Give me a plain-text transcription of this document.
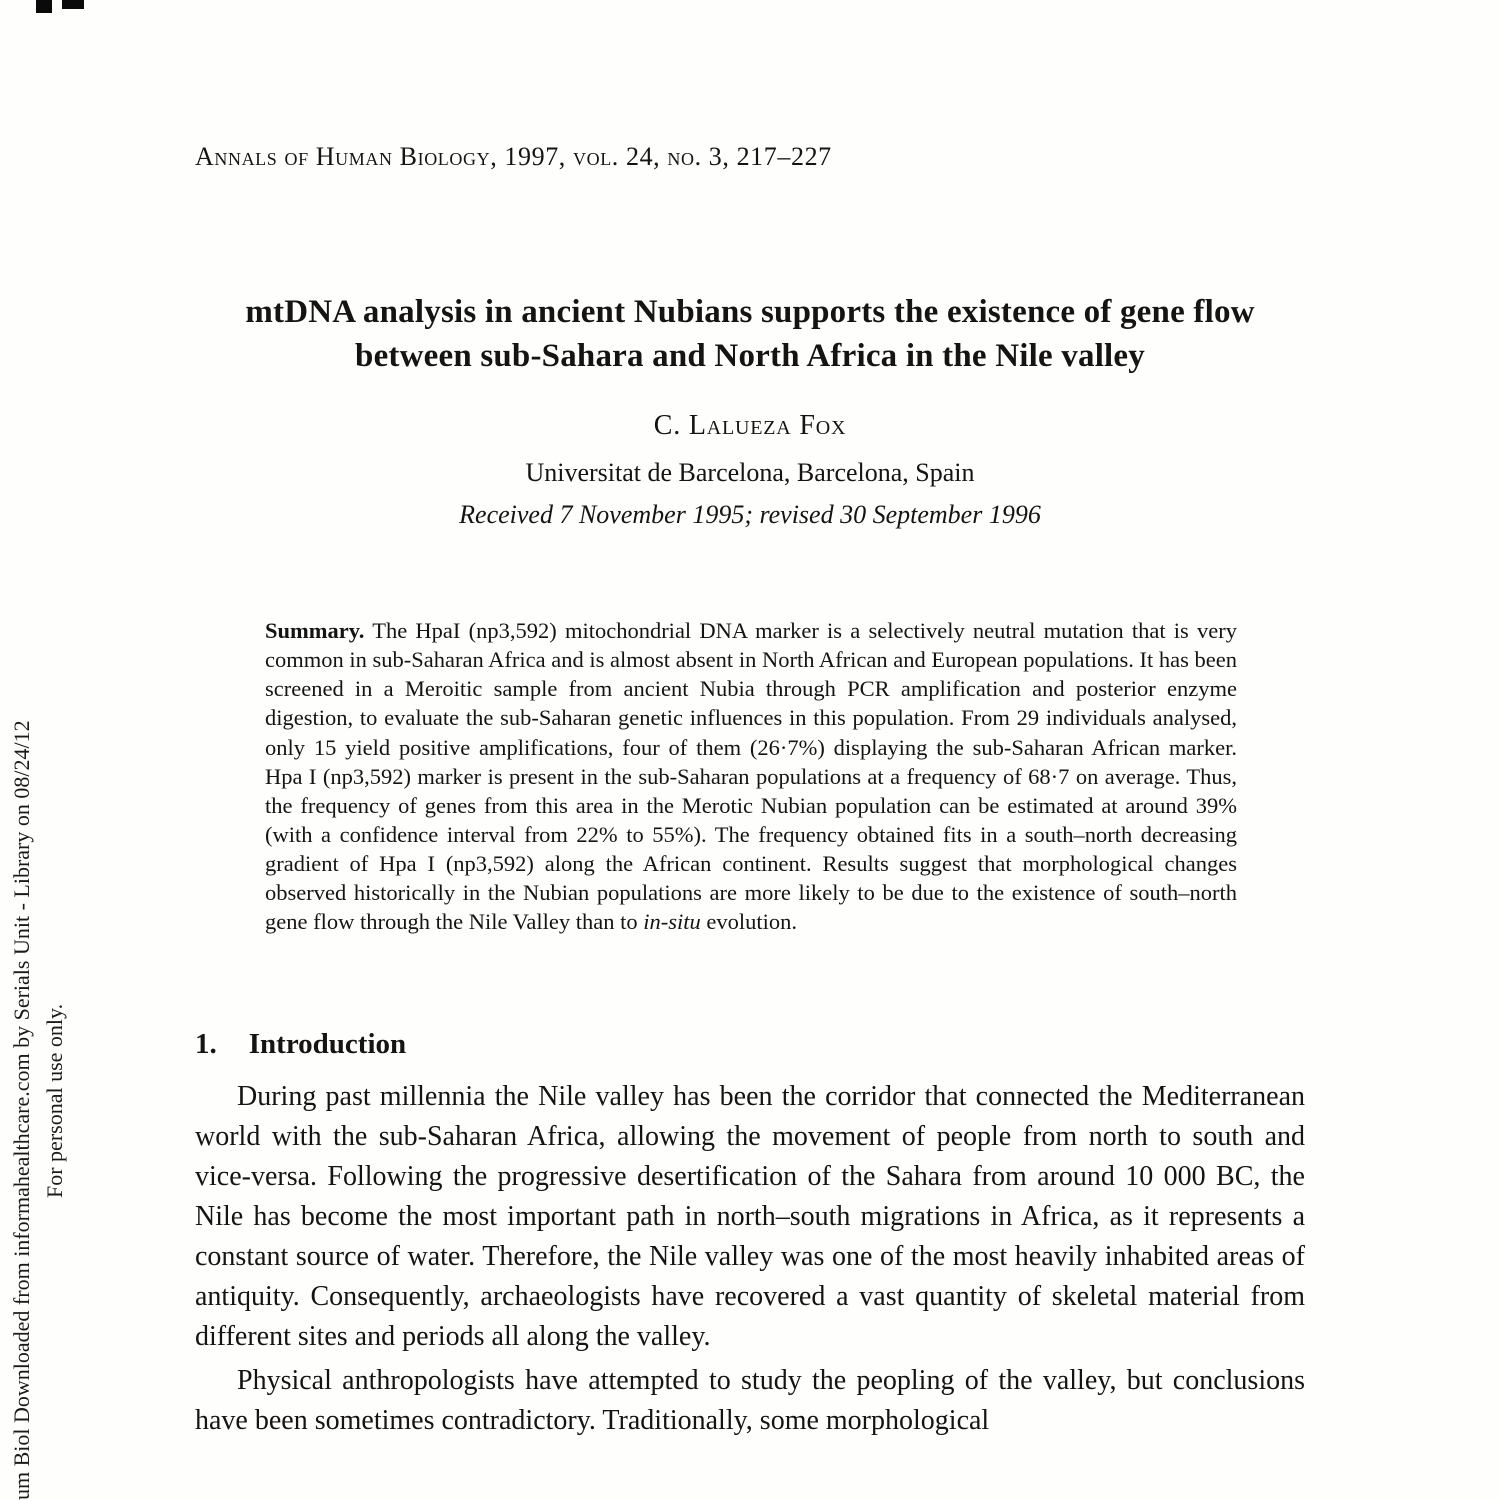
um Biol Downloaded from informahealthcare.com by Serials Unit - Library on 08/24/12 For personal use only.
Annals of Human Biology, 1997, vol. 24, no. 3, 217–227
mtDNA analysis in ancient Nubians supports the existence of gene flow between sub-Sahara and North Africa in the Nile valley
C. Lalueza Fox
Universitat de Barcelona, Barcelona, Spain
Received 7 November 1995; revised 30 September 1996

Summary. The HpaI (np3,592) mitochondrial DNA marker is a selectively neutral mutation that is very common in sub-Saharan Africa and is almost absent in North African and European populations. It has been screened in a Meroitic sample from ancient Nubia through PCR amplification and posterior enzyme digestion, to evaluate the sub-Saharan genetic influences in this population. From 29 individuals analysed, only 15 yield positive amplifications, four of them (26·7%) displaying the sub-Saharan African marker. Hpa I (np3,592) marker is present in the sub-Saharan populations at a frequency of 68·7 on average. Thus, the frequency of genes from this area in the Merotic Nubian population can be estimated at around 39% (with a confidence interval from 22% to 55%). The frequency obtained fits in a south–north decreasing gradient of Hpa I (np3,592) along the African continent. Results suggest that morphological changes observed historically in the Nubian populations are more likely to be due to the existence of south–north gene flow through the Nile Valley than to in-situ evolution.

1. Introduction

During past millennia the Nile valley has been the corridor that connected the Mediterranean world with the sub-Saharan Africa, allowing the movement of people from north to south and vice-versa. Following the progressive desertification of the Sahara from around 10 000 BC, the Nile has become the most important path in north–south migrations in Africa, as it represents a constant source of water. Therefore, the Nile valley was one of the most heavily inhabited areas of antiquity. Consequently, archaeologists have recovered a vast quantity of skeletal material from different sites and periods all along the valley.

Physical anthropologists have attempted to study the peopling of the valley, but conclusions have been sometimes contradictory. Traditionally, some morphological
